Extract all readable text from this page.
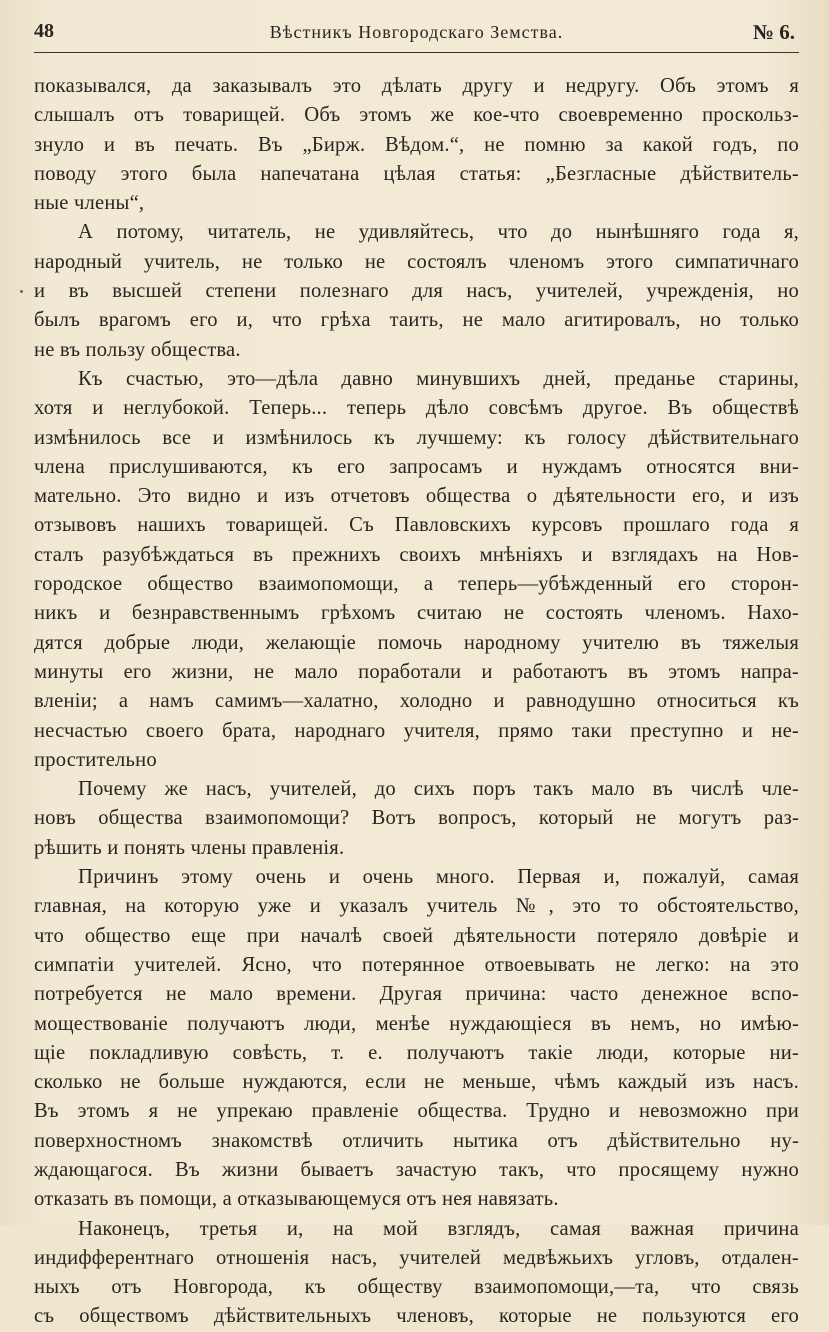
48	Вѣстникъ Новгородскаго Земства.	№ 6.
показывался, да заказывалъ это дѣлать другу и недругу. Объ этомъ я
слышалъ отъ товарищей. Объ этомъ же кое-что своевременно проскольз-
знуло и въ печать. Въ „Бирж. Вѣдом.“, не помню за какой годъ, по
поводу этого была напечатана цѣлая статья: „Безгласные дѣйствитель-
ные члены“,
А потому, читатель, не удивляйтесь, что до нынѣшняго года я,
народный учитель, не только не состоялъ членомъ этого симпатичнаго
и въ высшей степени полезнаго для насъ, учителей, учрежденія, но
былъ врагомъ его и, что грѣха таить, не мало агитировалъ, но только
не въ пользу общества.
Къ счастью, это—дѣла давно минувшихъ дней, преданье старины,
хотя и неглубокой. Теперь... теперь дѣло совсѣмъ другое. Въ обществѣ
измѣнилось все и измѣнилось къ лучшему: къ голосу дѣйствительнаго
члена прислушиваются, къ его запросамъ и нуждамъ относятся вни-
мательно. Это видно и изъ отчетовъ общества о дѣятельности его, и изъ
отзывовъ нашихъ товарищей. Съ Павловскихъ курсовъ прошлаго года я
сталъ разубѣждаться въ прежнихъ своихъ мнѣніяхъ и взглядахъ на Нов-
городское общество взаимопомощи, а теперь—убѣжденный его сторон-
никъ и безнравственнымъ грѣхомъ считаю не состоять членомъ. Нахо-
дятся добрые люди, желающіе помочь народному учителю въ тяжелыя
минуты его жизни, не мало поработали и работаютъ въ этомъ напра-
вленіи; а намъ самимъ—халатно, холодно и равнодушно относиться къ
несчастью своего брата, народнаго учителя, прямо таки преступно и не-
простительно
Почему же насъ, учителей, до сихъ поръ такъ мало въ числѣ чле-
новъ общества взаимопомощи? Вотъ вопросъ, который не могутъ раз-
рѣшить и понять члены правленія.
Причинъ этому очень и очень много. Первая и, пожалуй, самая
главная, на которую уже и указалъ учитель №, это то обстоятельство,
что общество еще при началѣ своей дѣятельности потеряло довѣріе и
симпатіи учителей. Ясно, что потерянное отвоевывать не легко: на это
потребуется не мало времени. Другая причина: часто денежное вспо-
моществованіе получаютъ люди, менѣе нуждающіеся въ немъ, но имѣю-
щіе покладливую совѣсть, т. е. получаютъ такіе люди, которые ни-
сколько не больше нуждаются, если не меньше, чѣмъ каждый изъ насъ.
Въ этомъ я не упрекаю правленіе общества. Трудно и невозможно при
поверхностномъ знакомствѣ отличить нытика отъ дѣйствительно ну-
ждающагося. Въ жизни бываетъ зачастую такъ, что просящему нужно
отказать въ помощи, а отказывающемуся отъ нея навязать.
Наконецъ, третья и, на мой взглядъ, самая важная причина
индифферентнаго отношенія насъ, учителей медвѣжьихъ угловъ, отдален-
ныхъ отъ Новгорода, къ обществу взаимопомощи,—та, что связь
съ обществомъ дѣйствительныхъ членовъ, которые не пользуются его
